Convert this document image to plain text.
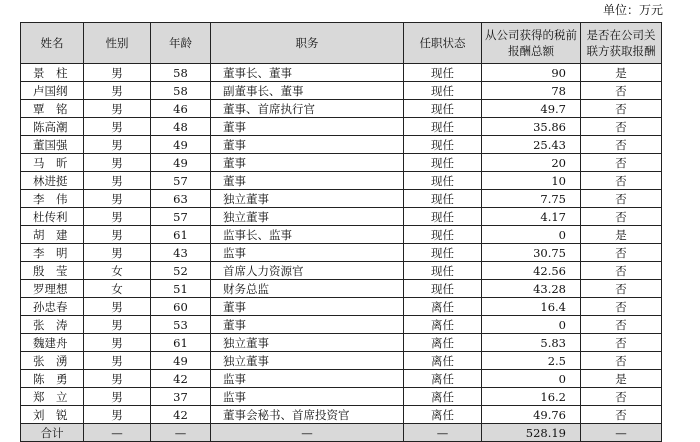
单位：万元
姓名	性别	年龄	职务	任职状态	从公司获得的税前报酬总额	是否在公司关联方获取报酬
景　柱	男	58	董事长、董事	现任	90	是
卢国纲	男	58	副董事长、董事	现任	78	否
覃　铭	男	46	董事、首席执行官	现任	49.7	否
陈高潮	男	48	董事	现任	35.86	否
董国强	男	49	董事	现任	25.43	否
马　昕	男	49	董事	现任	20	否
林进挺	男	57	董事	现任	10	否
李　伟	男	63	独立董事	现任	7.75	否
杜传利	男	57	独立董事	现任	4.17	否
胡　建	男	61	监事长、监事	现任	0	是
李　明	男	43	监事	现任	30.75	否
殷　莹	女	52	首席人力资源官	现任	42.56	否
罗理想	女	51	财务总监	现任	43.28	否
孙忠春	男	60	董事	离任	16.4	否
张　涛	男	53	董事	离任	0	否
魏建舟	男	61	独立董事	离任	5.83	否
张　湧	男	49	独立董事	离任	2.5	否
陈　勇	男	42	监事	离任	0	是
郑　立	男	37	监事	离任	16.2	否
刘　锐	男	42	董事会秘书、首席投资官	离任	49.76	否
合计	—	—	—	—	528.19	—
